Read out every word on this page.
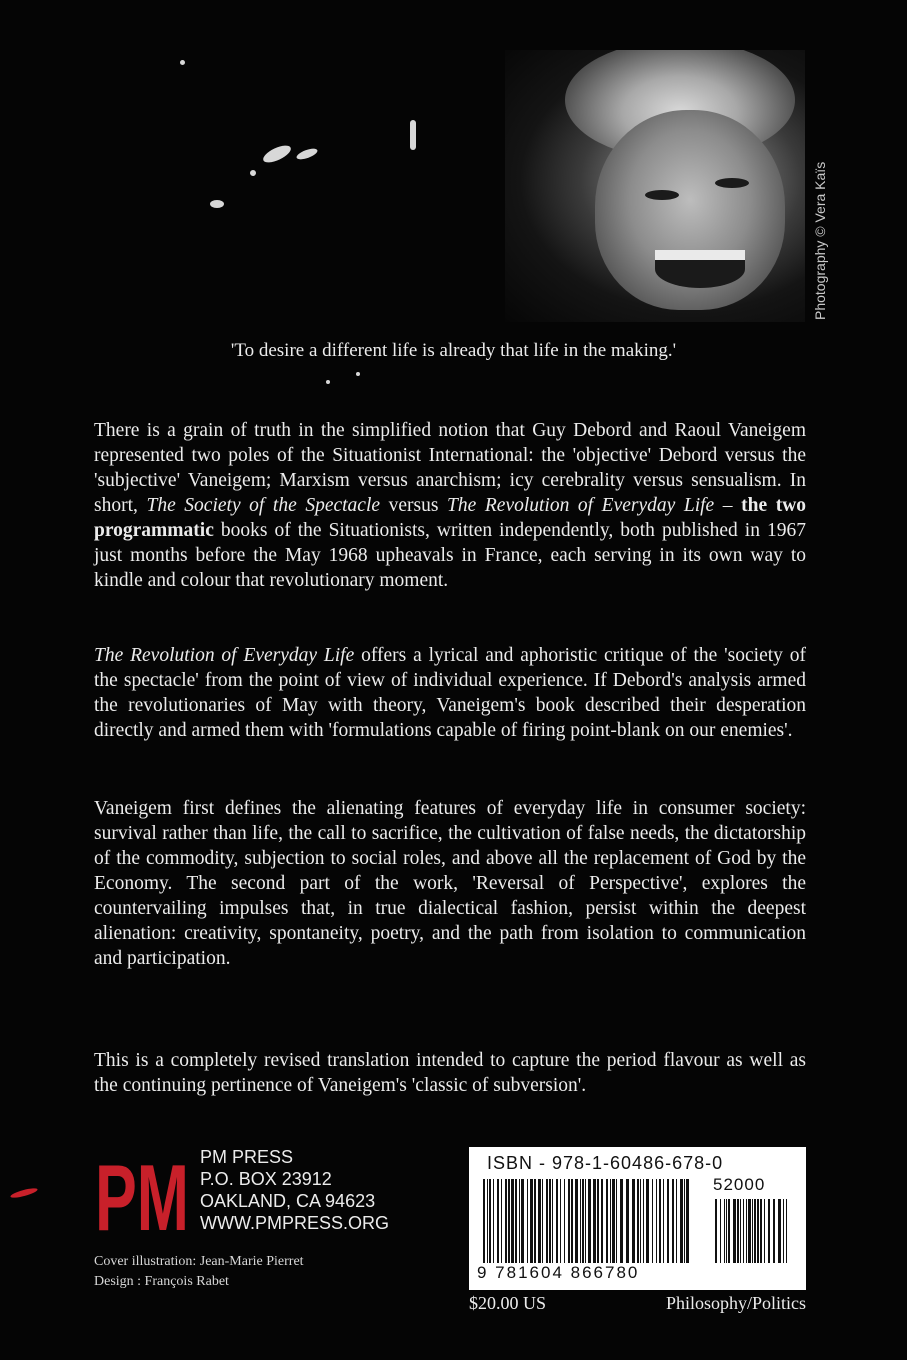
Photography © Vera Kaïs
'To desire a different life is already that life in the making.'
There is a grain of truth in the simplified notion that Guy Debord and Raoul Vaneigem represented two poles of the Situationist International: the 'objective' Debord versus the 'subjective' Vaneigem; Marxism versus anarchism; icy cerebrality versus sensualism. In short, The Society of the Spectacle versus The Revolution of Everyday Life – the two programmatic books of the Situationists, written independently, both published in 1967 just months before the May 1968 upheavals in France, each serving in its own way to kindle and colour that revolutionary moment.
The Revolution of Everyday Life offers a lyrical and aphoristic critique of the 'society of the spectacle' from the point of view of individual experience. If Debord's analysis armed the revolutionaries of May with theory, Vaneigem's book described their desperation directly and armed them with 'formulations capable of firing point-blank on our enemies'.
Vaneigem first defines the alienating features of everyday life in consumer society: survival rather than life, the call to sacrifice, the cultivation of false needs, the dictatorship of the commodity, subjection to social roles, and above all the replacement of God by the Economy. The second part of the work, 'Reversal of Perspective', explores the countervailing impulses that, in true dialectical fashion, persist within the deepest alienation: creativity, spontaneity, poetry, and the path from isolation to communication and participation.
This is a completely revised translation intended to capture the period flavour as well as the continuing pertinence of Vaneigem's 'classic of subversion'.
PM PM PRESS
P.O. BOX 23912
OAKLAND, CA 94623
WWW.PMPRESS.ORG
Cover illustration: Jean-Marie Pierret
Design : François Rabet
ISBN - 978-1-60486-678-0
52000
9 781604 866780
$20.00 US	Philosophy/Politics
